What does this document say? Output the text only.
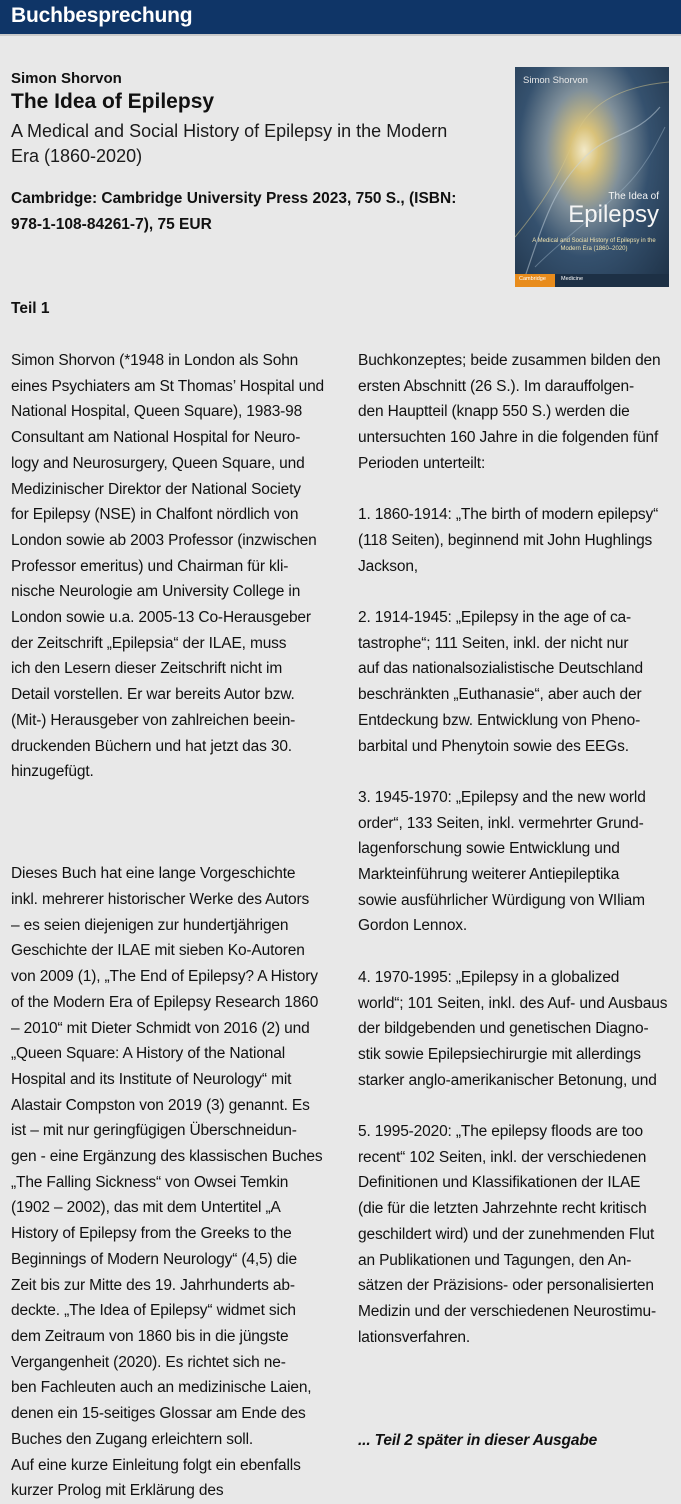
Buchbesprechung
Simon Shorvon
The Idea of Epilepsy
A Medical and Social History of Epilepsy in the Modern
Era (1860-2020)
Cambridge: Cambridge University Press 2023, 750 S., (ISBN:
978-1-108-84261-7), 75 EUR
Teil 1
Simon Shorvon
The Idea of
Epilepsy
A Medical and Social History of Epilepsy in the Modern Era (1860–2020)
Cambridge	Medicine

Simon Shorvon (*1948 in London als Sohn

eines Psychiaters am St Thomas’ Hospital und

National Hospital, Queen Square), 1983-98

Consultant am National Hospital for Neuro-

logy and Neurosurgery, Queen Square, und

Medizinischer Direktor der National Society

for Epilepsy (NSE) in Chalfont nördlich von

London sowie ab 2003 Professor (inzwischen

Professor emeritus) und Chairman für kli-

nische Neurologie am University College in

London sowie u.a. 2005-13 Co-Herausgeber

der Zeitschrift „Epilepsia“ der ILAE, muss

ich den Lesern dieser Zeitschrift nicht im

Detail vorstellen. Er war bereits Autor bzw.

(Mit-) Herausgeber von zahlreichen beein-

druckenden Büchern und hat jetzt das 30.

hinzugefügt.

Dieses Buch hat eine lange Vorgeschichte

inkl. mehrerer historischer Werke des Autors

– es seien diejenigen zur hundertjährigen

Geschichte der ILAE mit sieben Ko-Autoren

von 2009 (1), „The End of Epilepsy? A History

of the Modern Era of Epilepsy Research 1860

– 2010“ mit Dieter Schmidt von 2016 (2) und

„Queen Square: A History of the National

Hospital and its Institute of Neurology“ mit

Alastair Compston von 2019 (3) genannt. Es

ist – mit nur geringfügigen Überschneidun-

gen - eine Ergänzung des klassischen Buches

„The Falling Sickness“ von Owsei Temkin

(1902 – 2002), das mit dem Untertitel „A

History of Epilepsy from the Greeks to the

Beginnings of Modern Neurology“ (4,5) die

Zeit bis zur Mitte des 19. Jahrhunderts ab-

deckte. „The Idea of Epilepsy“ widmet sich

dem Zeitraum von 1860 bis in die jüngste

Vergangenheit (2020). Es richtet sich ne-

ben Fachleuten auch an medizinische Laien,

denen ein 15-seitiges Glossar am Ende des

Buches den Zugang erleichtern soll.

Auf eine kurze Einleitung folgt ein ebenfalls

kurzer Prolog mit Erklärung des

Buchkonzeptes; beide zusammen bilden den

ersten Abschnitt (26 S.). Im darauffolgen-

den Hauptteil (knapp 550 S.) werden die

untersuchten 160 Jahre in die folgenden fünf

Perioden unterteilt:

1. 1860-1914: „The birth of modern epilepsy“

(118 Seiten), beginnend mit John Hughlings

Jackson,

2. 1914-1945: „Epilepsy in the age of ca-

tastrophe“; 111 Seiten, inkl. der nicht nur

auf das nationalsozialistische Deutschland

beschränkten „Euthanasie“, aber auch der

Entdeckung bzw. Entwicklung von Pheno-

barbital und Phenytoin sowie des EEGs.

3. 1945-1970: „Epilepsy and the new world

order“, 133 Seiten, inkl. vermehrter Grund-

lagenforschung sowie Entwicklung und

Markteinführung weiterer Antiepileptika

sowie ausführlicher Würdigung von WIliam

Gordon Lennox.

4. 1970-1995: „Epilepsy in a globalized

world“; 101 Seiten, inkl. des Auf- und Ausbaus

der bildgebenden und genetischen Diagno-

stik sowie Epilepsiechirurgie mit allerdings

starker anglo-amerikanischer Betonung, und

5. 1995-2020: „The epilepsy floods are too

recent“ 102 Seiten, inkl. der verschiedenen

Definitionen und Klassifikationen der ILAE

(die für die letzten Jahrzehnte recht kritisch

geschildert wird) und der zunehmenden Flut

an Publikationen und Tagungen, den An-

sätzen der Präzisions- oder personalisierten

Medizin und der verschiedenen Neurostimu-

lationsverfahren.

... Teil 2 später in dieser Ausgabe
